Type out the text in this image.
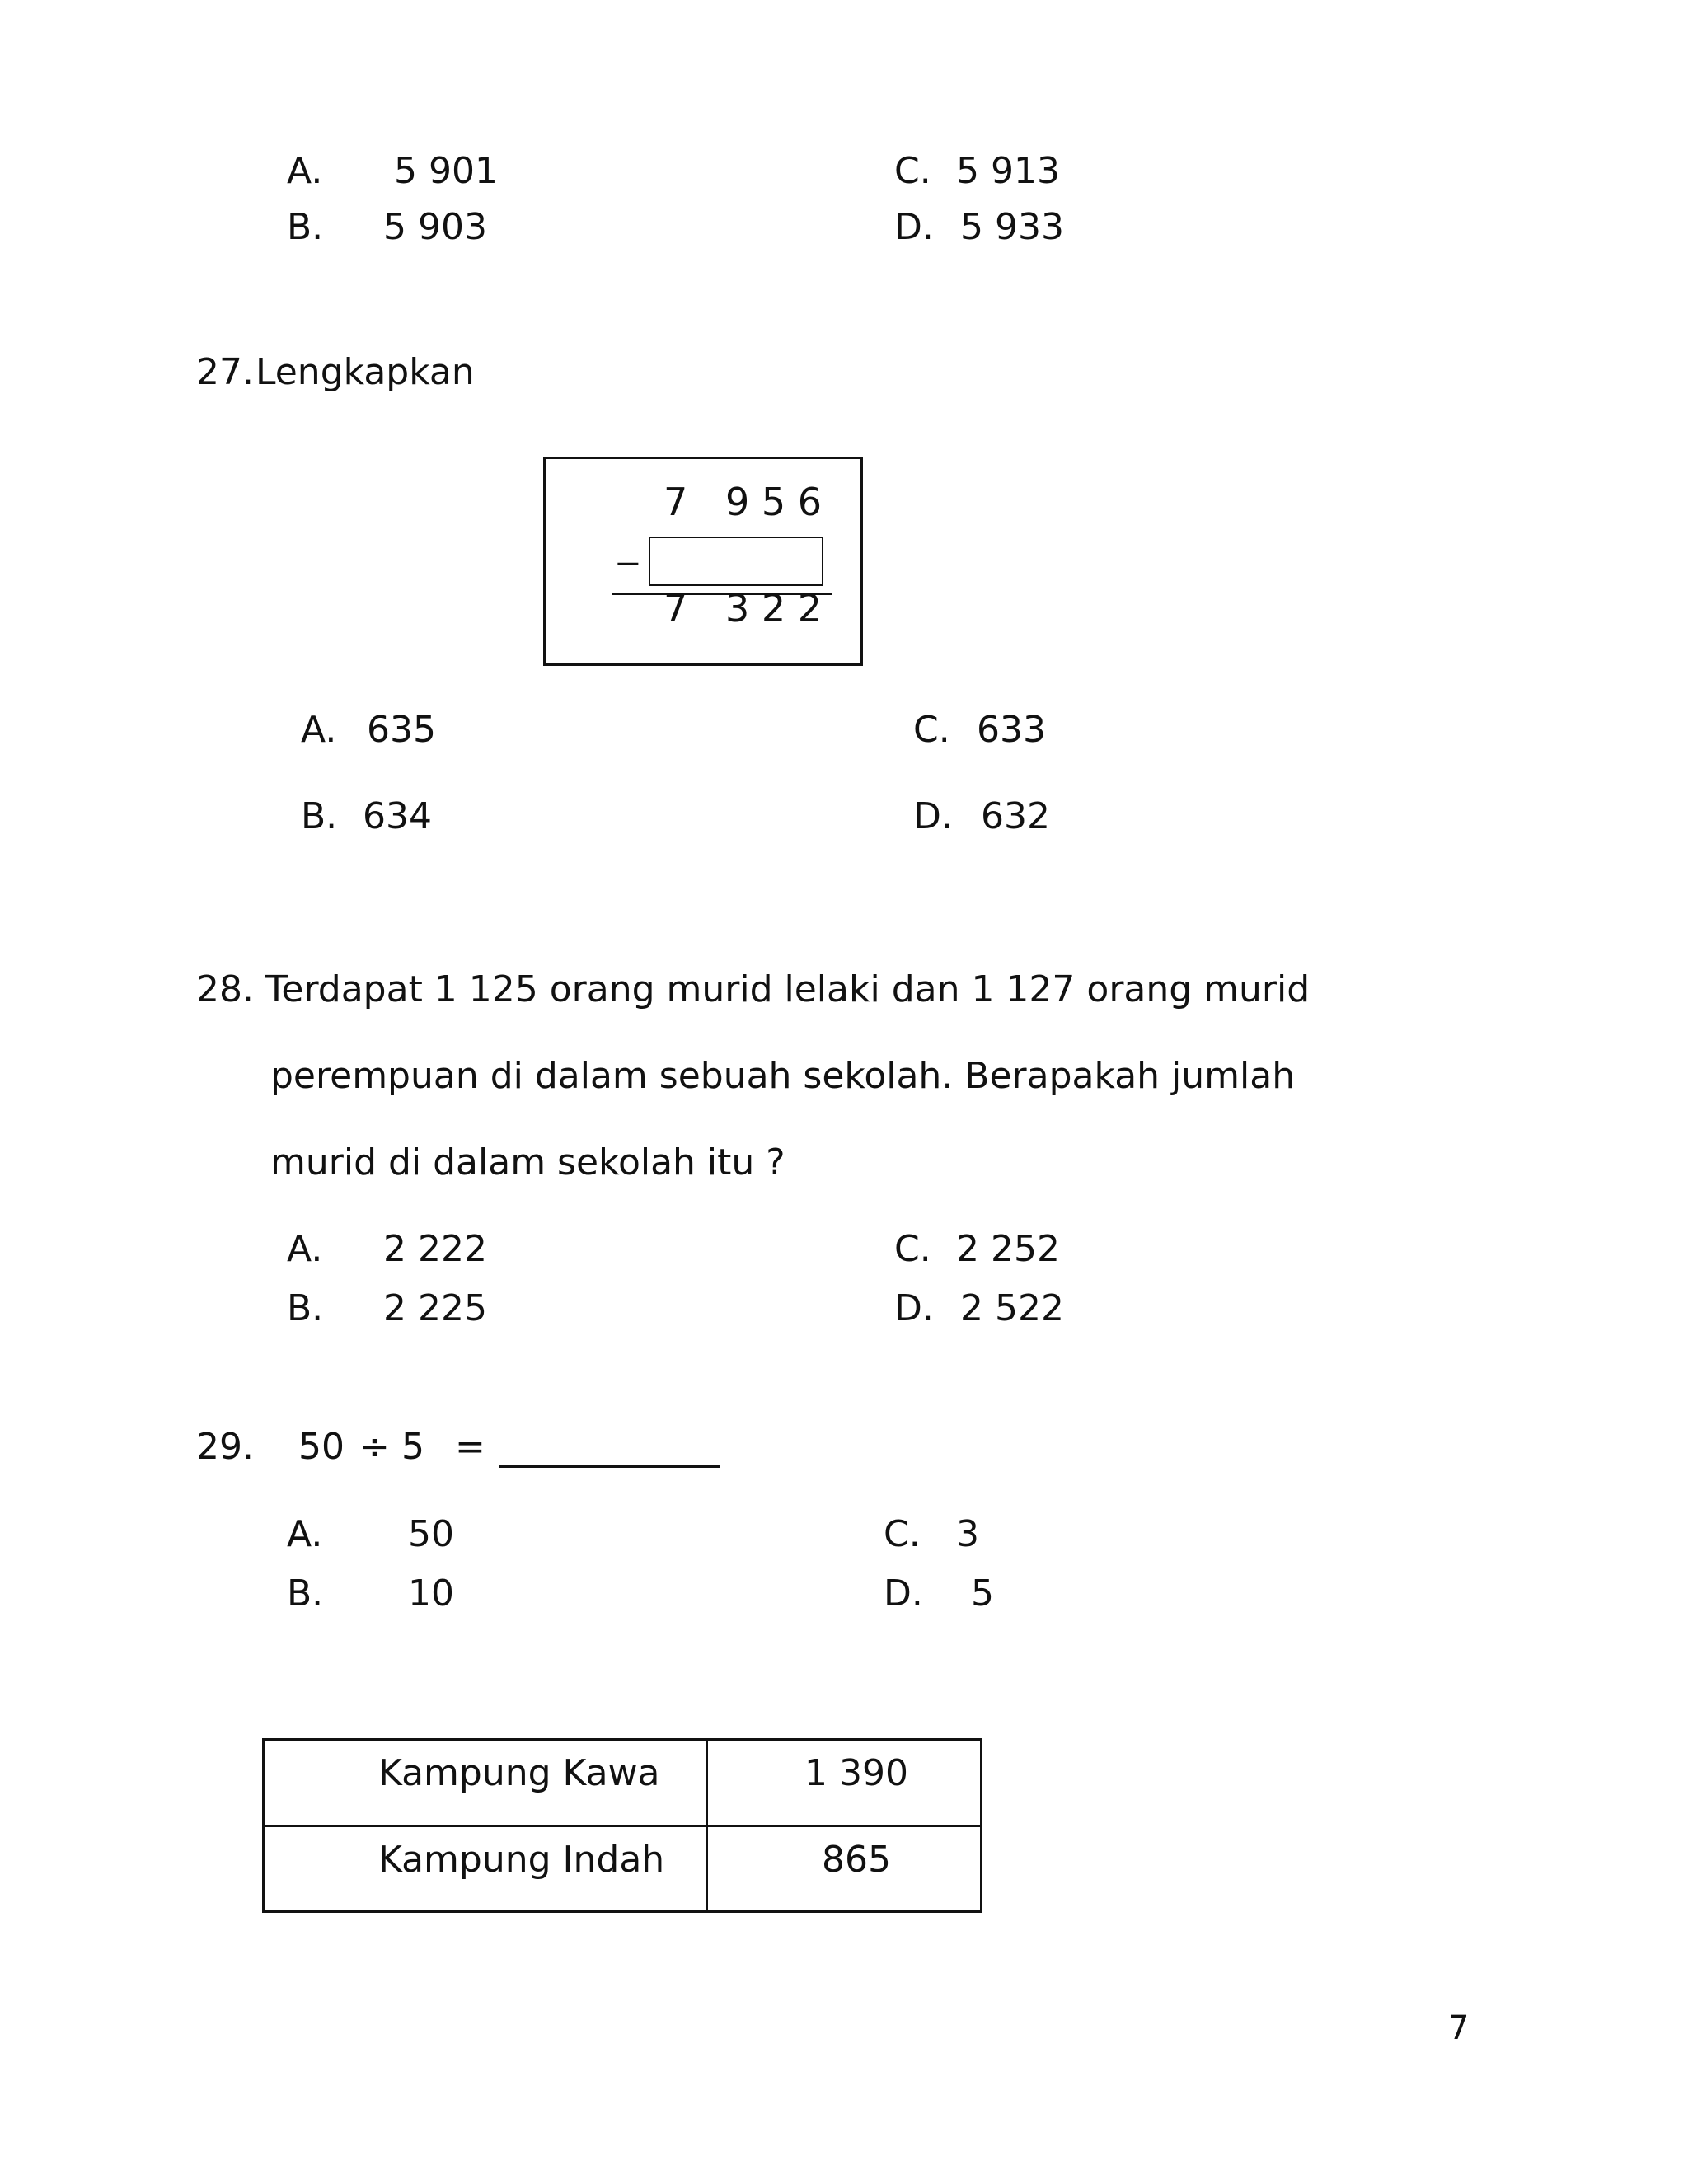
A. 5 901
B. 5 903
C. 5 913
D. 5 933
27. Lengkapkan
7 9 5 6
−
7 3 2 2
A. 635
B. 634
C. 633
D. 632
28. Terdapat 1 125 orang murid lelaki dan 1 127 orang murid
perempuan di dalam sebuah sekolah. Berapakah jumlah
murid di dalam sekolah itu ?
A. 2 222
B. 2 225
C. 2 252
D. 2 522
29. 50 ÷ 5 =
A. 50
B. 10
C. 3
D. 5
Kampung Kawa	1 390
Kampung Indah	865
7
